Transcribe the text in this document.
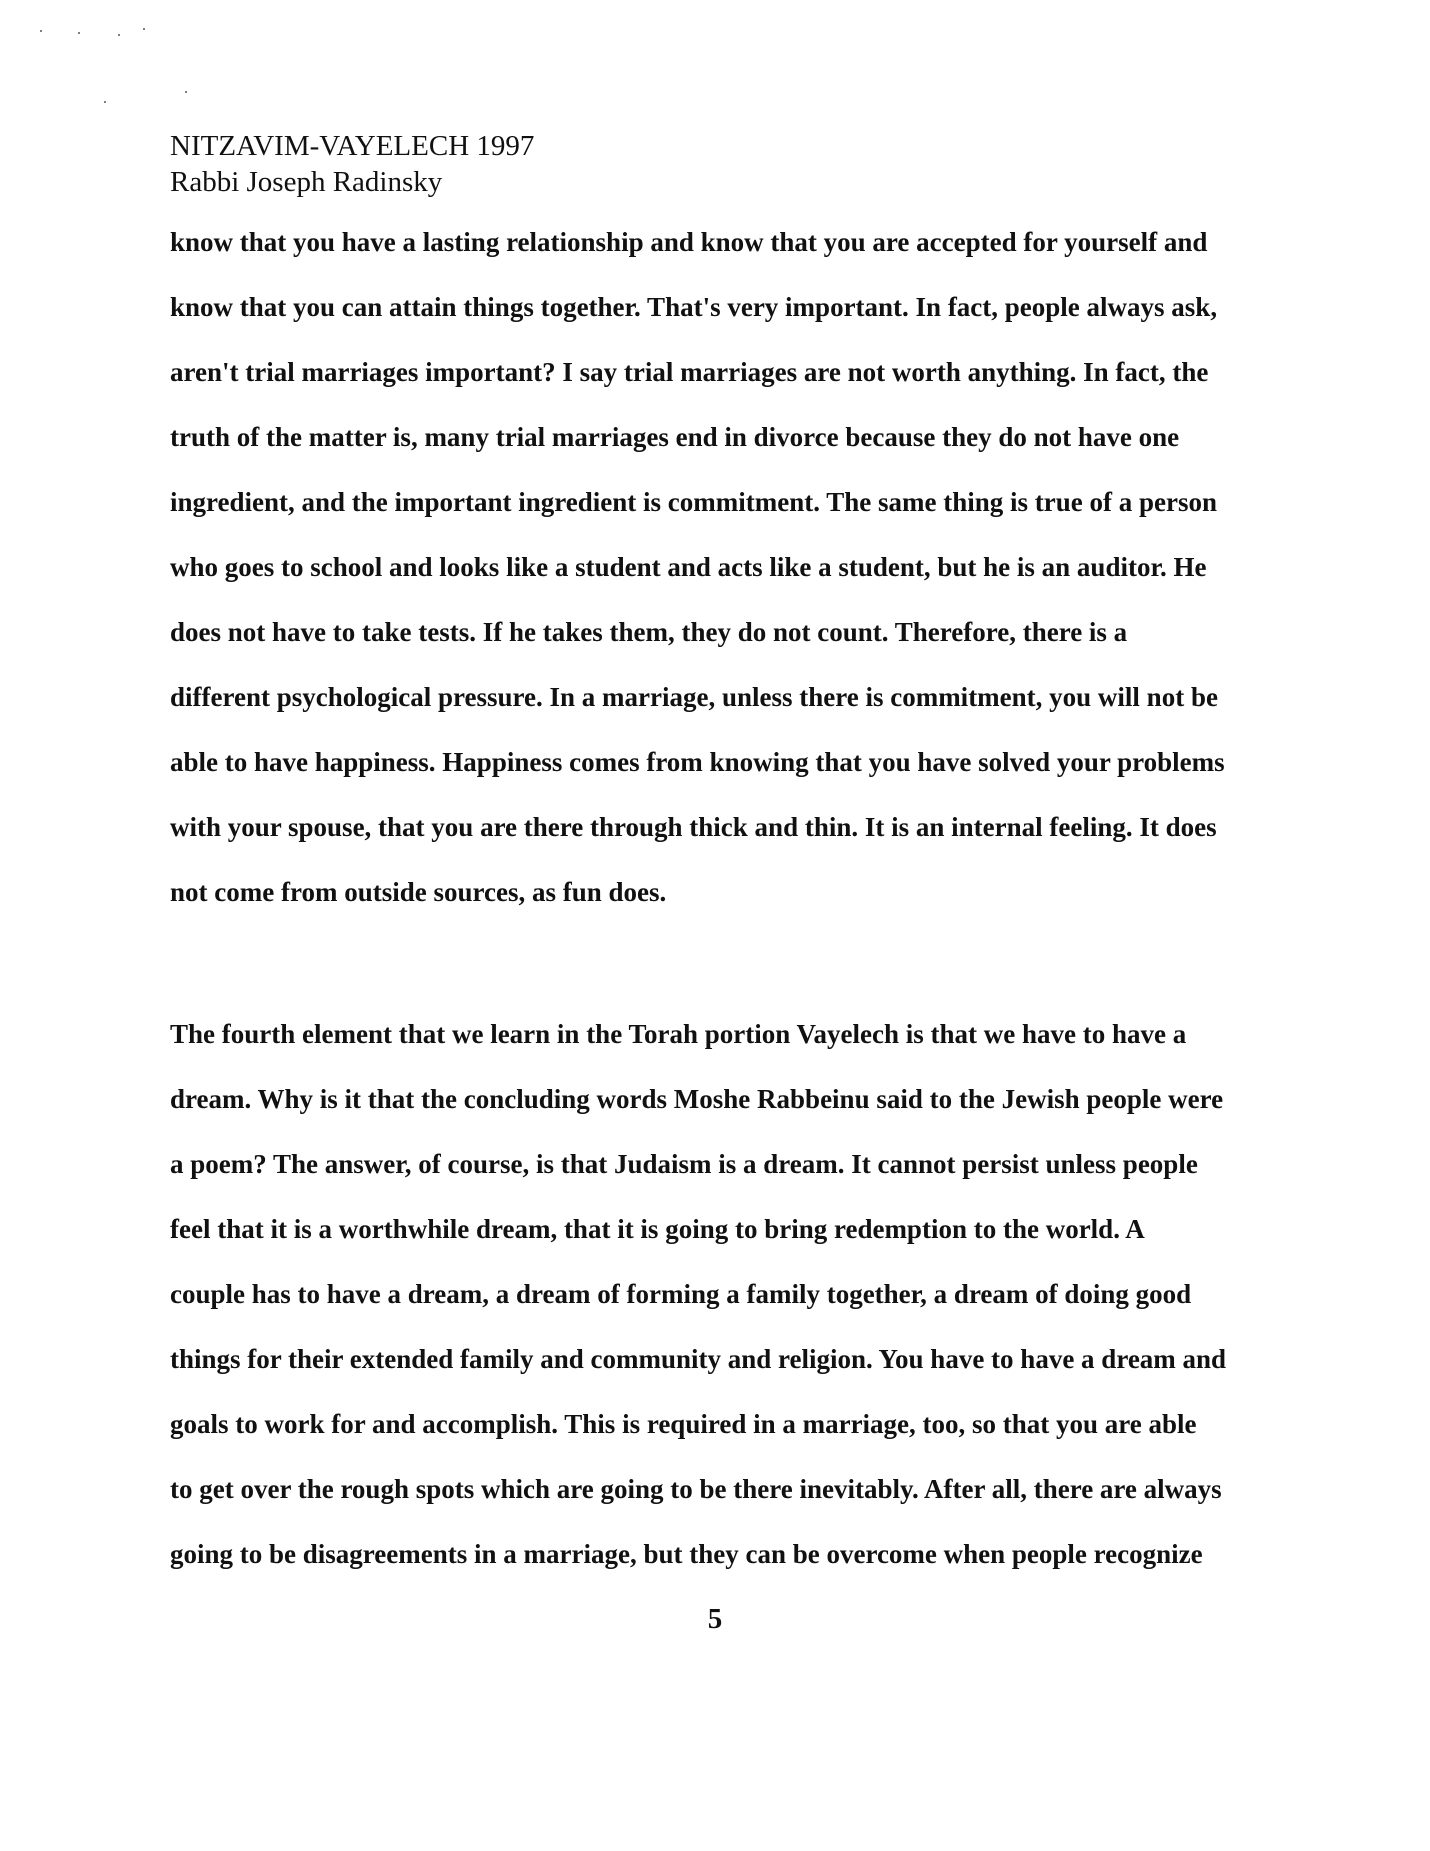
NITZAVIM-VAYELECH 1997
Rabbi Joseph Radinsky
know that you have a lasting relationship and know that you are accepted for yourself and
know that you can attain things together. That's very important. In fact, people always ask,
aren't trial marriages important? I say trial marriages are not worth anything. In fact, the
truth of the matter is, many trial marriages end in divorce because they do not have one
ingredient, and the important ingredient is commitment. The same thing is true of a person
who goes to school and looks like a student and acts like a student, but he is an auditor. He
does not have to take tests. If he takes them, they do not count. Therefore, there is a
different psychological pressure. In a marriage, unless there is commitment, you will not be
able to have happiness. Happiness comes from knowing that you have solved your problems
with your spouse, that you are there through thick and thin. It is an internal feeling. It does
not come from outside sources, as fun does.
The fourth element that we learn in the Torah portion Vayelech is that we have to have a
dream. Why is it that the concluding words Moshe Rabbeinu said to the Jewish people were
a poem? The answer, of course, is that Judaism is a dream. It cannot persist unless people
feel that it is a worthwhile dream, that it is going to bring redemption to the world. A
couple has to have a dream, a dream of forming a family together, a dream of doing good
things for their extended family and community and religion. You have to have a dream and
goals to work for and accomplish. This is required in a marriage, too, so that you are able
to get over the rough spots which are going to be there inevitably. After all, there are always
going to be disagreements in a marriage, but they can be overcome when people recognize
5
